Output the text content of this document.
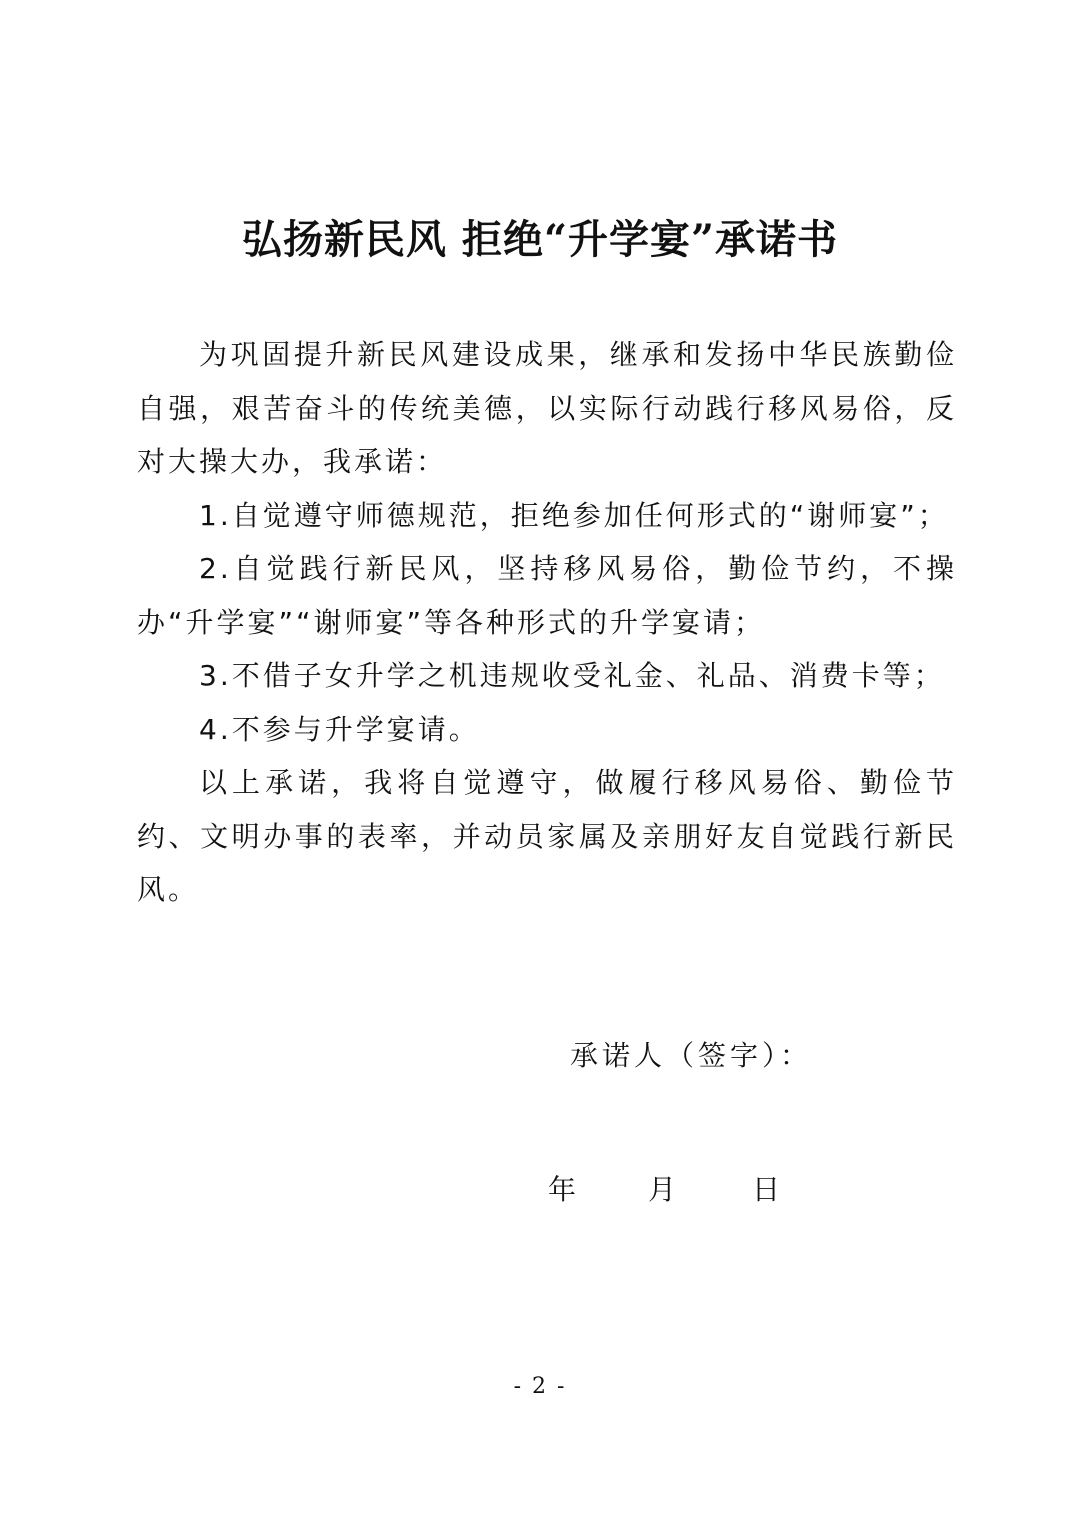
弘扬新民风 拒绝“升学宴”承诺书

为巩固提升新民风建设成果，继承和发扬中华民族勤俭自强，艰苦奋斗的传统美德，以实际行动践行移风易俗，反对大操大办，我承诺：

1.自觉遵守师德规范，拒绝参加任何形式的“谢师宴”；

2.自觉践行新民风，坚持移风易俗，勤俭节约，不操办“升学宴”“谢师宴”等各种形式的升学宴请；

3.不借子女升学之机违规收受礼金、礼品、消费卡等；

4.不参与升学宴请。

以上承诺，我将自觉遵守，做履行移风易俗、勤俭节约、文明办事的表率，并动员家属及亲朋好友自觉践行新民风。

承诺人（签字）：
年	月	日
- 2 -
